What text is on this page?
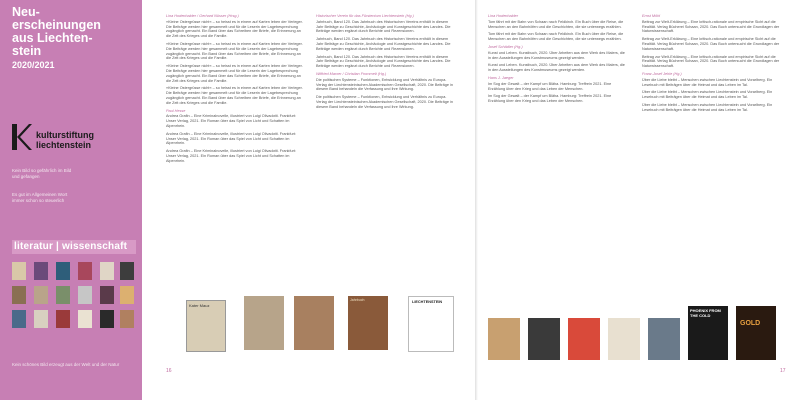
Neu-
erscheinungen
aus Liechten-
stein
2020/2021
kulturstiftung
liechtenstein
Kein Bild so gefährlich im Bild und gefangen
Es gut im Allgemeinen Wort immer schon so steuerlich
literatur | wissenschaft
Kein schönes Bild erzeugt aus der Welt und der Natur
Lina Hodenhalder / Gerhard Nüsser (Hrsg.)
»Kleine Ostergrüsse nicht« – so heisst es in einem auf Karten leben der Verleger. Die Beiträge werden hier gesammelt und für die Leserin der Lagebesprechung zugänglich gemacht. Ein Band über das Schreiben der Briefe, die Erinnerung an die Zeit des Krieges und die Familie.
»Kleine Ostergrüsse nicht« – so heisst es in einem auf Karten leben der Verleger. Die Beiträge werden hier gesammelt und für die Leserin der Lagebesprechung zugänglich gemacht. Ein Band über das Schreiben der Briefe, die Erinnerung an die Zeit des Krieges und die Familie.
»Kleine Ostergrüsse nicht« – so heisst es in einem auf Karten leben der Verleger. Die Beiträge werden hier gesammelt und für die Leserin der Lagebesprechung zugänglich gemacht. Ein Band über das Schreiben der Briefe, die Erinnerung an die Zeit des Krieges und die Familie.
»Kleine Ostergrüsse nicht« – so heisst es in einem auf Karten leben der Verleger. Die Beiträge werden hier gesammelt und für die Leserin der Lagebesprechung zugänglich gemacht. Ein Band über das Schreiben der Briefe, die Erinnerung an die Zeit des Krieges und die Familie.
Paul Hesse
Andrea Grafin – Eine Kriminalnovelle, illustriert von Luigi Olivadotti. Frankfurt: Unser Verlag, 2021. Ein Roman über das Spiel von Licht und Schatten im Alpenrhein.
Andrea Grafin – Eine Kriminalnovelle, illustriert von Luigi Olivadotti. Frankfurt: Unser Verlag, 2021. Ein Roman über das Spiel von Licht und Schatten im Alpenrhein.
Andrea Grafin – Eine Kriminalnovelle, illustriert von Luigi Olivadotti. Frankfurt: Unser Verlag, 2021. Ein Roman über das Spiel von Licht und Schatten im Alpenrhein.
Historischer Verein für das Fürstentum Liechtenstein (Hg.)
Jahrbuch, Band 120. Das Jahrbuch des Historischen Vereins enthält in diesem Jahr Beiträge zu Geschichte, Archäologie und Kunstgeschichte des Landes. Die Beiträge werden ergänzt durch Berichte und Rezensionen.
Jahrbuch, Band 120. Das Jahrbuch des Historischen Vereins enthält in diesem Jahr Beiträge zu Geschichte, Archäologie und Kunstgeschichte des Landes. Die Beiträge werden ergänzt durch Berichte und Rezensionen.
Jahrbuch, Band 120. Das Jahrbuch des Historischen Vereins enthält in diesem Jahr Beiträge zu Geschichte, Archäologie und Kunstgeschichte des Landes. Die Beiträge werden ergänzt durch Berichte und Rezensionen.
Wilfried Marxer / Christian Frommelt (Hg.)
Die politischen Systeme – Funktionen, Entwicklung und Verhältnis zu Europa. Verlag der Liechtensteinischen Akademischen Gesellschaft, 2020. Die Beiträge in diesem Band behandeln die Verfassung und ihre Wirkung.
Die politischen Systeme – Funktionen, Entwicklung und Verhältnis zu Europa. Verlag der Liechtensteinischen Akademischen Gesellschaft, 2020. Die Beiträge in diesem Band behandeln die Verfassung und ihre Wirkung.
Kater Mauz
Jahrbuch	LIECHTENSTEIN
16
Lina Hodenhalder
Tom fährt mit der Bahn von Schaan nach Feldkirch. Ein Buch über die Reise, die Menschen an den Bahnhöfen und die Geschichten, die sie unterwegs erzählen.
Tom fährt mit der Bahn von Schaan nach Feldkirch. Ein Buch über die Reise, die Menschen an den Bahnhöfen und die Geschichten, die sie unterwegs erzählen.
Josef Schädler (Hg.)
Kunst und Leben. Kunstbuch, 2020. Über Arbeiten aus dem Werk des Malers, die in den Ausstellungen des Kunstmuseums gezeigt werden.
Kunst und Leben. Kunstbuch, 2020. Über Arbeiten aus dem Werk des Malers, die in den Ausstellungen des Kunstmuseums gezeigt werden.
Hans J. Jaeger
Im Sog der Gewalt – der Kampf um Bläha. Hamburg: Treffrein 2021. Eine Erzählung über den Krieg und das Leben der Menschen.
Im Sog der Gewalt – der Kampf um Bläha. Hamburg: Treffrein 2021. Eine Erzählung über den Krieg und das Leben der Menschen.
Ernst Möhl
Beitrag zur Welt-Erklärung – Eine kritisch-rationale und empirische Sicht auf die Realität. Verlag Bücherei Schaan, 2020. Das Buch untersucht die Grundlagen der Naturwissenschaft.
Beitrag zur Welt-Erklärung – Eine kritisch-rationale und empirische Sicht auf die Realität. Verlag Bücherei Schaan, 2020. Das Buch untersucht die Grundlagen der Naturwissenschaft.
Beitrag zur Welt-Erklärung – Eine kritisch-rationale und empirische Sicht auf die Realität. Verlag Bücherei Schaan, 2020. Das Buch untersucht die Grundlagen der Naturwissenschaft.
Franz-Josef Jehle (Hg.)
Über die Liebe bleibt – Menschen zwischen Liechtenstein und Vorarlberg. Ein Lesebuch mit Beiträgen über die Heimat und das Leben im Tal.
Über die Liebe bleibt – Menschen zwischen Liechtenstein und Vorarlberg. Ein Lesebuch mit Beiträgen über die Heimat und das Leben im Tal.
Über die Liebe bleibt – Menschen zwischen Liechtenstein und Vorarlberg. Ein Lesebuch mit Beiträgen über die Heimat und das Leben im Tal.
PHOENIX FROM THE COLD
GOLD
17
